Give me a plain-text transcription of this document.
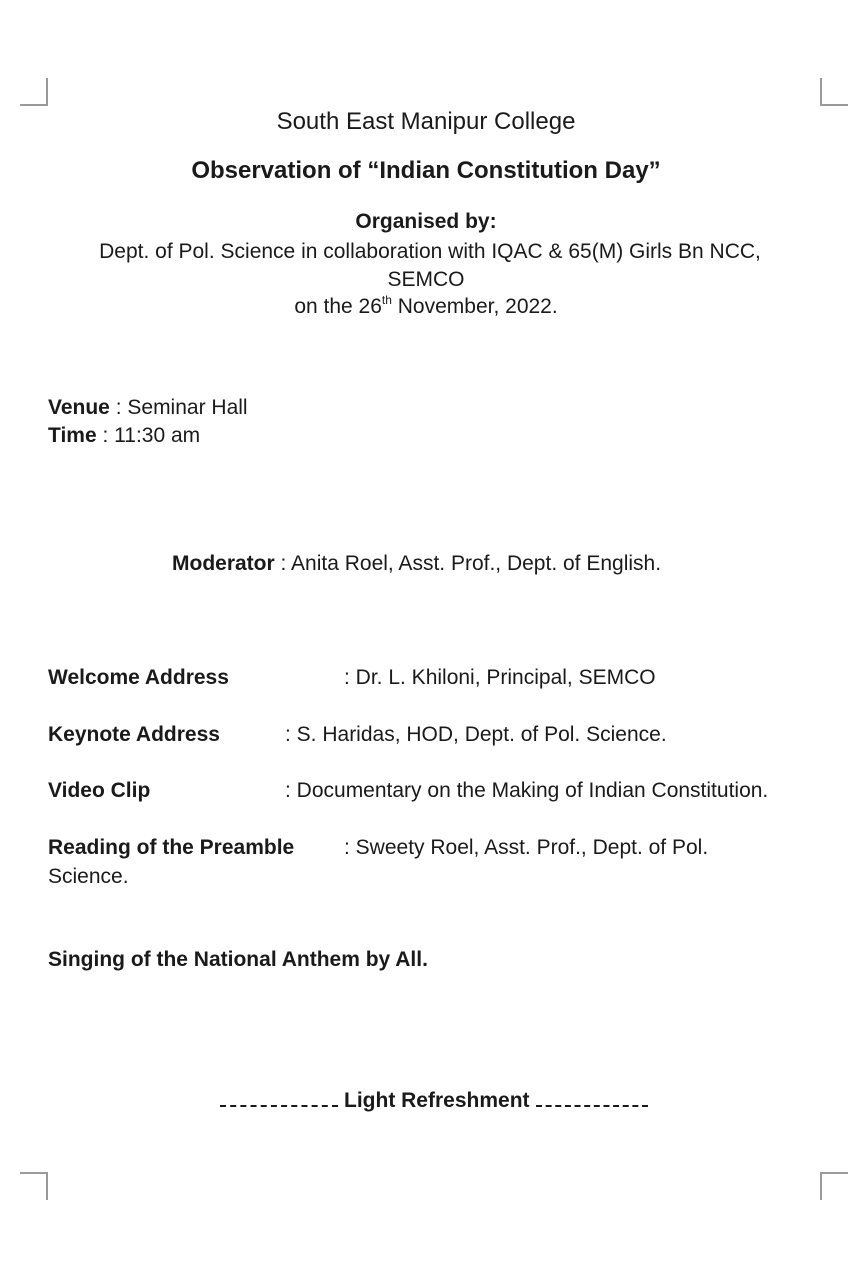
South East Manipur College
Observation of “Indian Constitution Day”
Organised by:
Dept. of Pol. Science in collaboration with IQAC & 65(M) Girls Bn NCC,
SEMCO
on the 26th November, 2022.
Venue : Seminar Hall
Time : 11:30 am
Moderator : Anita Roel, Asst. Prof., Dept. of English.
Welcome Address	: Dr. L. Khiloni, Principal, SEMCO
Keynote Address	: S. Haridas, HOD, Dept. of Pol. Science.
Video Clip	: Documentary on the Making of Indian Constitution.
Reading of the Preamble : Sweety Roel, Asst. Prof., Dept. of Pol.
Science.
Singing of the National Anthem by All.
Light Refreshment
